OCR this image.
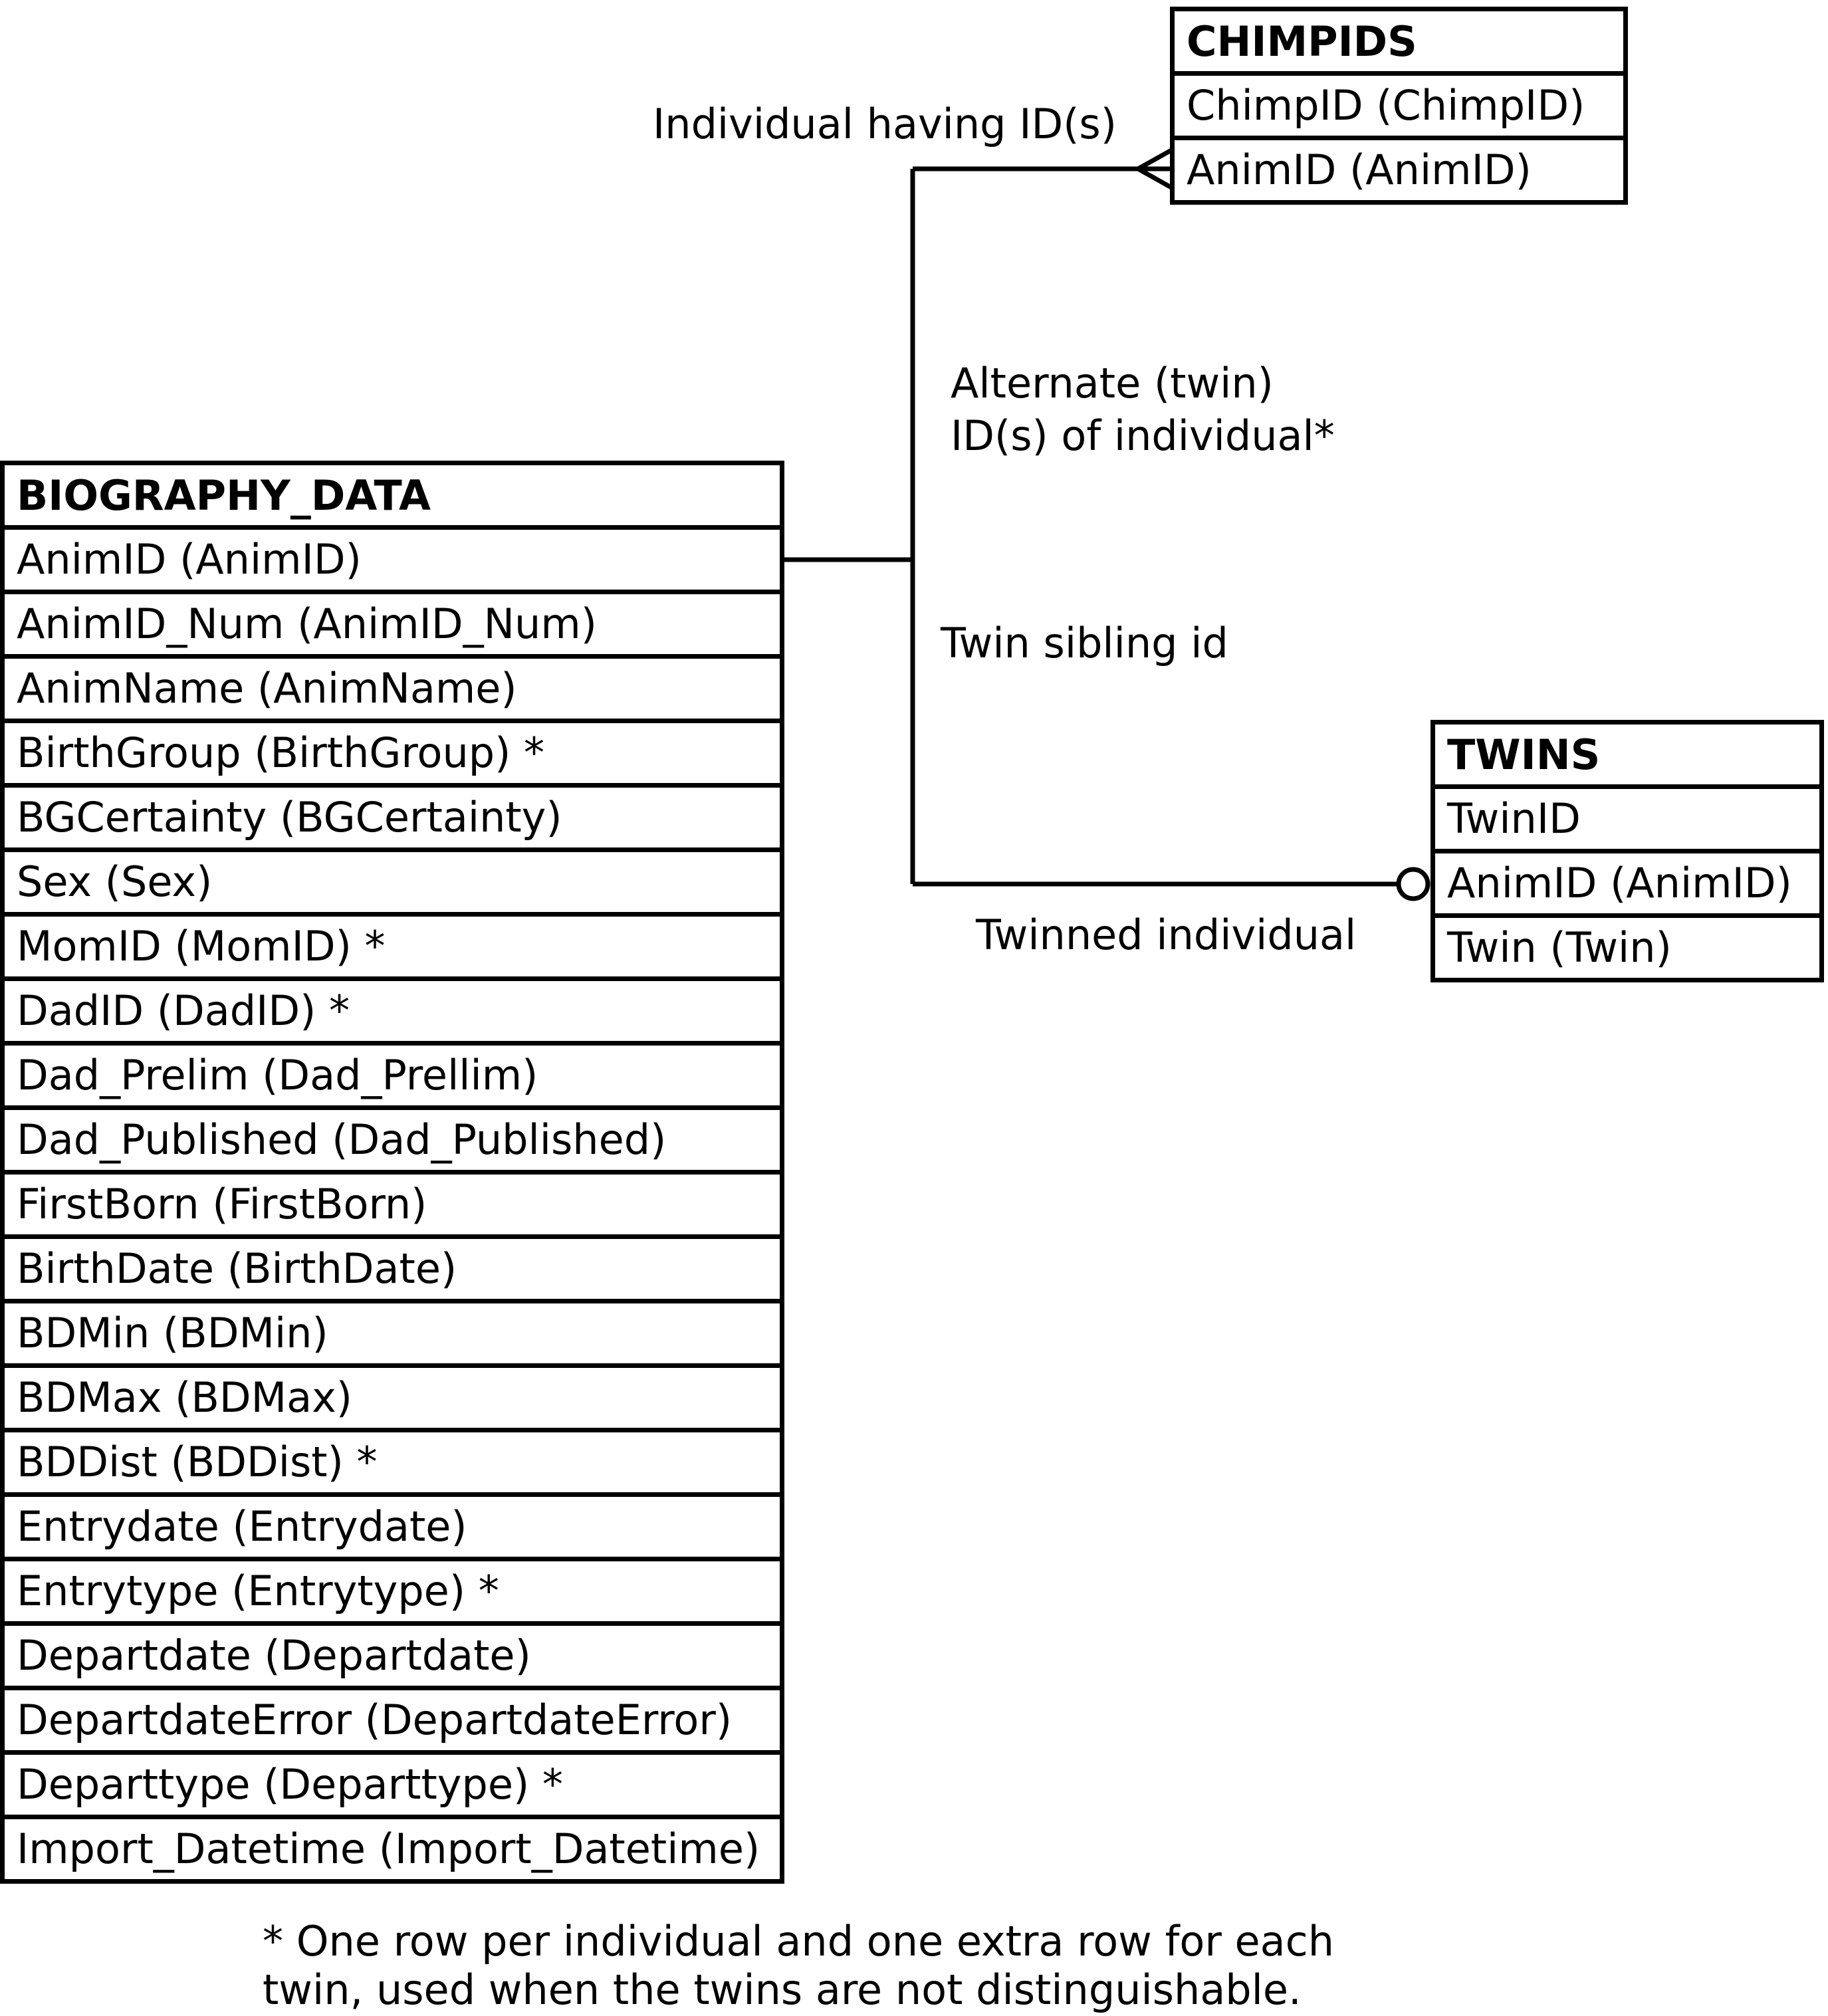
CHIMPIDS
ChimpID (ChimpID)
AnimID (AnimID)
BIOGRAPHY_DATA
AnimID (AnimID)
AnimID_Num (AnimID_Num)
AnimName (AnimName)
BirthGroup (BirthGroup) *
BGCertainty (BGCertainty)
Sex (Sex)
MomID (MomID) *
DadID (DadID) *
Dad_Prelim (Dad_Prellim)
Dad_Published (Dad_Published)
FirstBorn (FirstBorn)
BirthDate (BirthDate)
BDMin (BDMin)
BDMax (BDMax)
BDDist (BDDist) *
Entrydate (Entrydate)
Entrytype (Entrytype) *
Departdate (Departdate)
DepartdateError (DepartdateError)
Departtype (Departtype) *
Import_Datetime (Import_Datetime)
TWINS
TwinID
AnimID (AnimID)
Twin (Twin)
Individual having ID(s)
Alternate (twin)
ID(s) of individual*
Twin sibling id
Twinned individual
* One row per individual and one extra row for each
twin, used when the twins are not distinguishable.
